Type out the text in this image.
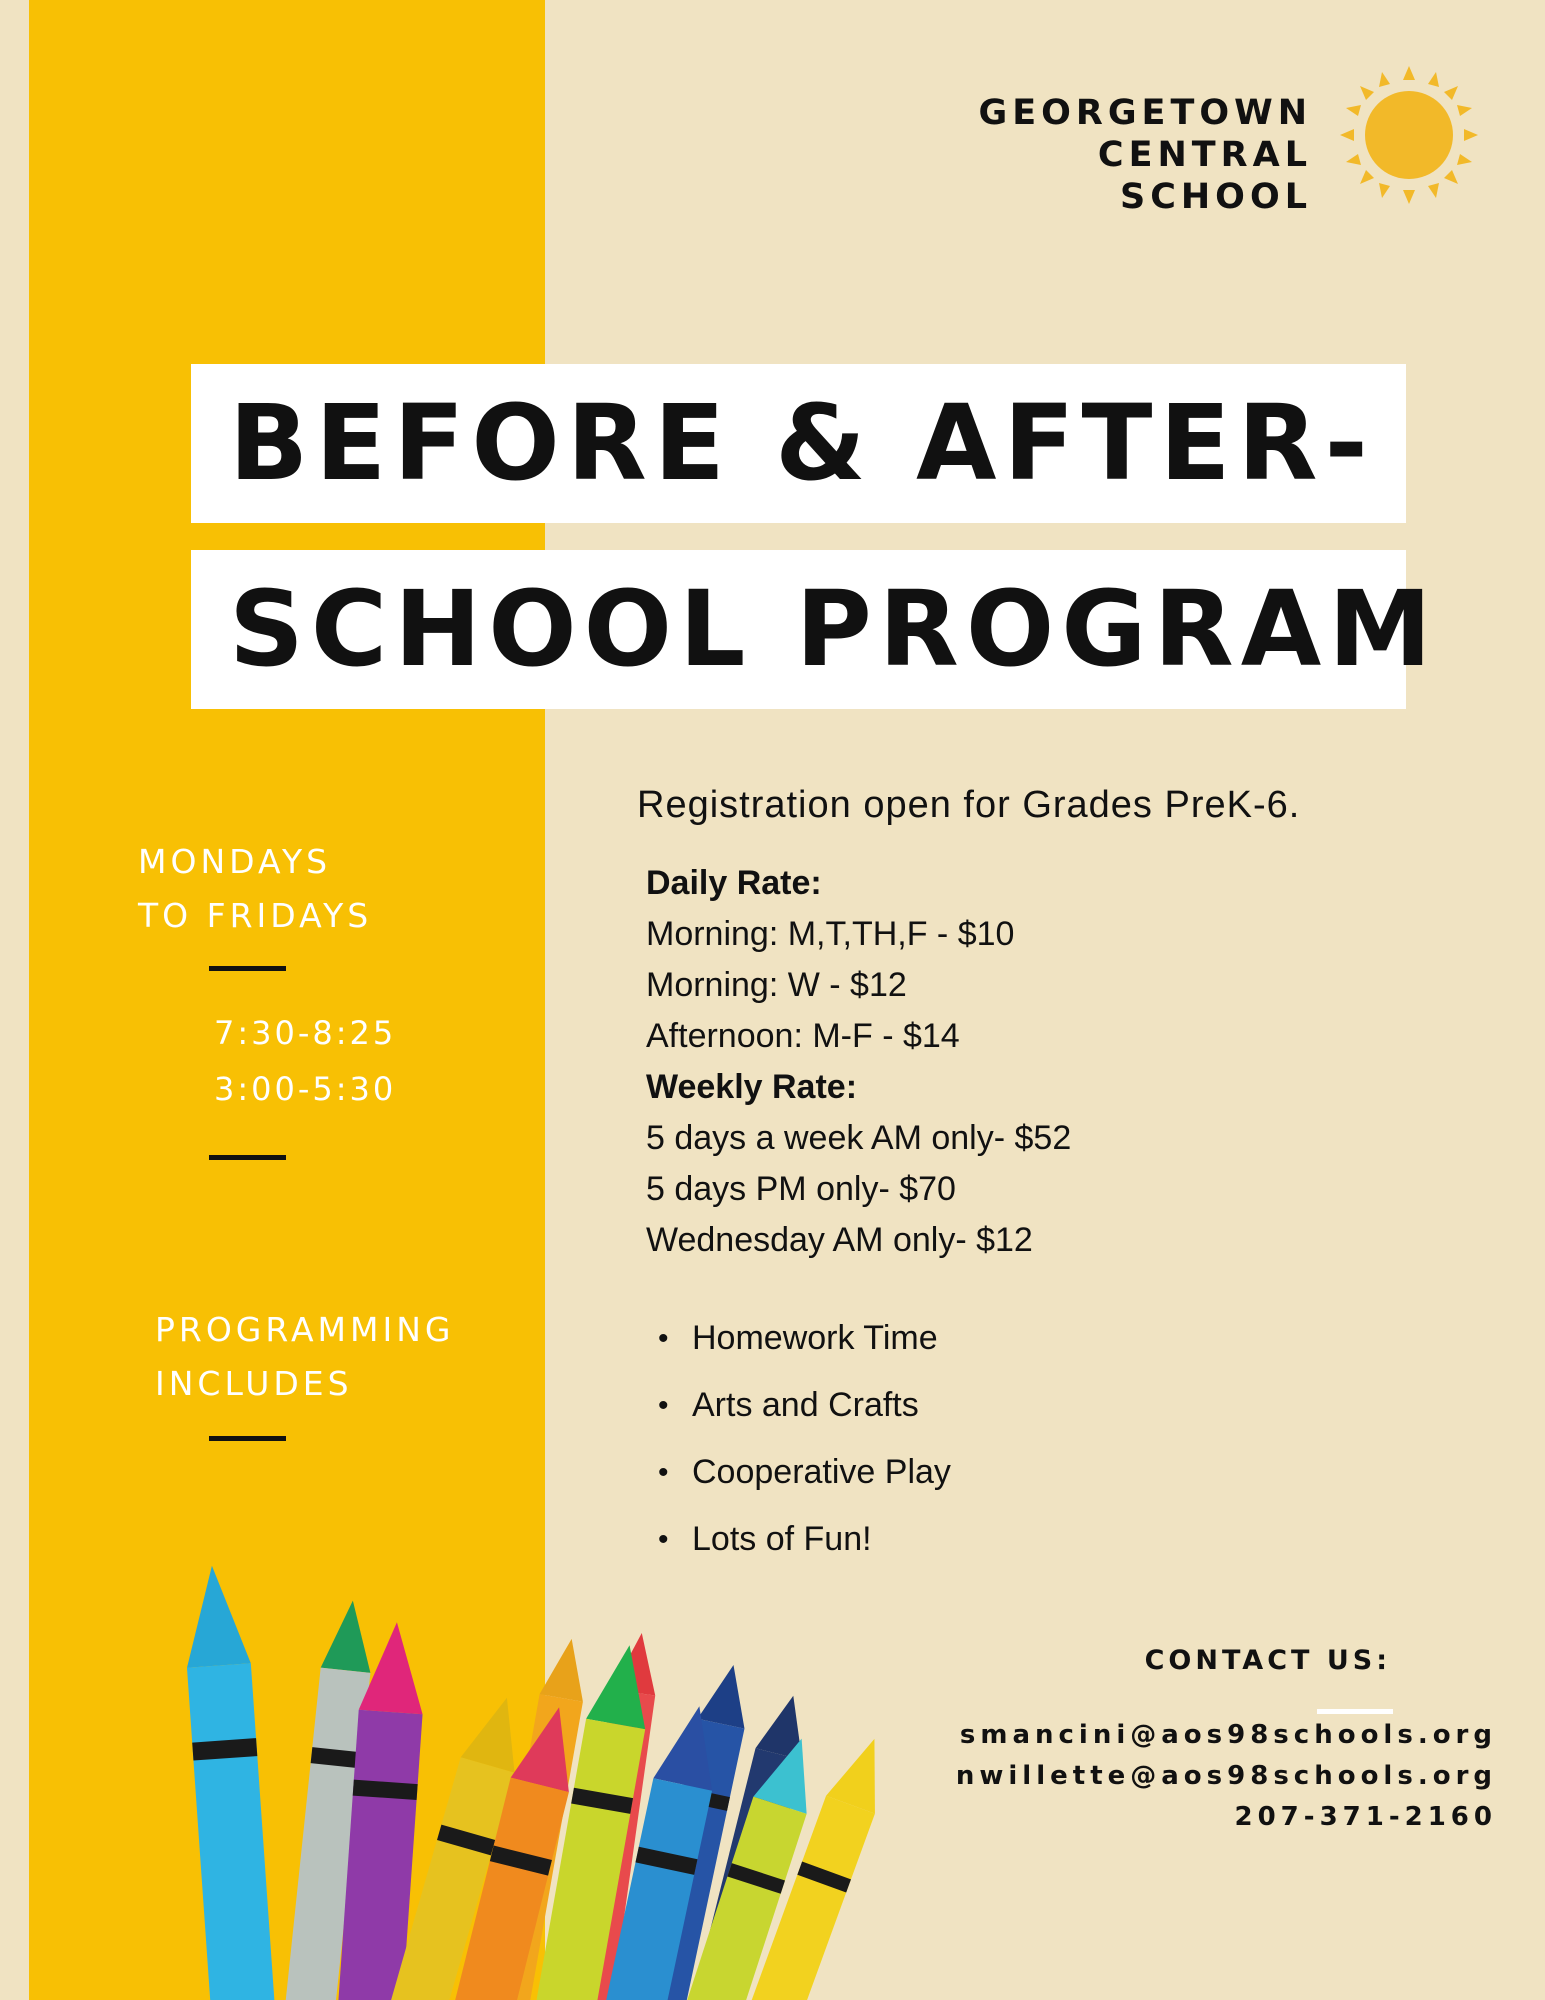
GEORGETOWN
CENTRAL
SCHOOL
BEFORE & AFTER-
SCHOOL PROGRAM
MONDAYS
TO FRIDAYS
7:30-8:25
3:00-5:30
PROGRAMMING
INCLUDES
Registration open for Grades PreK-6.
Daily Rate:
Morning: M,T,TH,F - $10
Morning: W - $12
Afternoon: M-F - $14
Weekly Rate:
5 days a week AM only- $52
5 days PM only- $70
Wednesday AM only- $12
• Homework Time
• Arts and Crafts
• Cooperative Play
• Lots of Fun!
CONTACT US:
smancini@aos98schools.org
nwillette@aos98schools.org
207-371-2160
